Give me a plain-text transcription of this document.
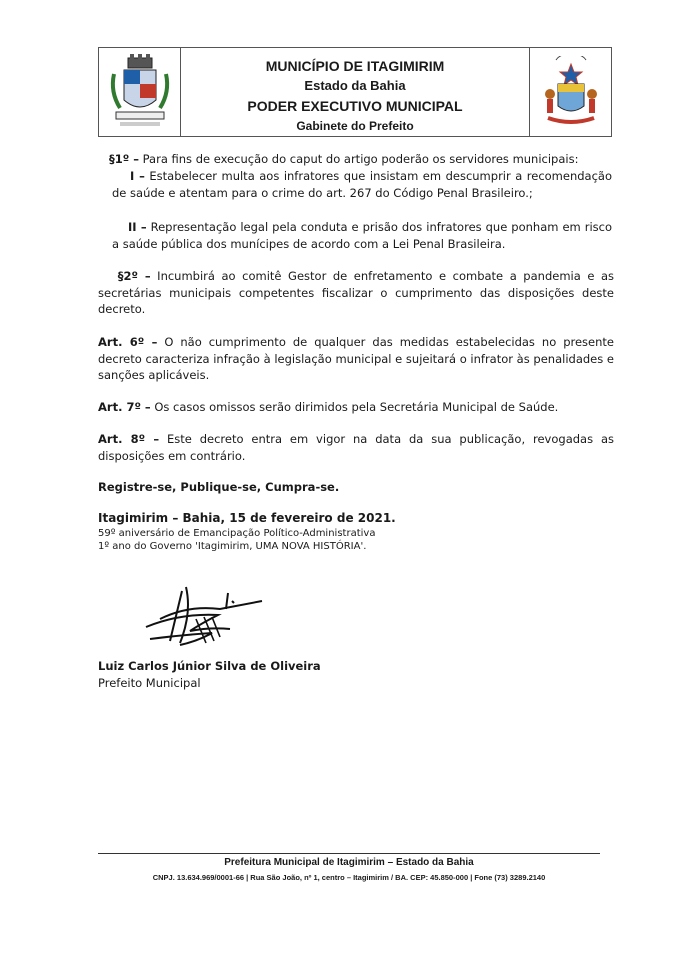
MUNICÍPIO DE ITAGIMIRIM
Estado da Bahia
PODER EXECUTIVO MUNICIPAL
Gabinete do Prefeito
§1º – Para fins de execução do caput do artigo poderão os servidores municipais:
I – Estabelecer multa aos infratores que insistam em descumprir a recomendação de saúde e atentam para o crime do art. 267 do Código Penal Brasileiro.;
II – Representação legal pela conduta e prisão dos infratores que ponham em risco a saúde pública dos munícipes de acordo com a Lei Penal Brasileira.
§2º – Incumbirá ao comitê Gestor de enfretamento e combate a pandemia e as secretárias municipais competentes fiscalizar o cumprimento das disposições deste decreto.
Art. 6º – O não cumprimento de qualquer das medidas estabelecidas no presente decreto caracteriza infração à legislação municipal e sujeitará o infrator às penalidades e sanções aplicáveis.
Art. 7º – Os casos omissos serão dirimidos pela Secretária Municipal de Saúde.
Art. 8º – Este decreto entra em vigor na data da sua publicação, revogadas as disposições em contrário.
Registre-se, Publique-se, Cumpra-se.
Itagimirim – Bahia, 15 de fevereiro de 2021.
59º aniversário de Emancipação Político-Administrativa
1º ano do Governo 'Itagimirim, UMA NOVA HISTÓRIA'.
Luiz Carlos Júnior Silva de Oliveira
Prefeito Municipal
Prefeitura Municipal de Itagimirim – Estado da Bahia
CNPJ. 13.634.969/0001-66 | Rua São João, nº 1, centro – Itagimirim / BA. CEP: 45.850-000 | Fone (73) 3289.2140
